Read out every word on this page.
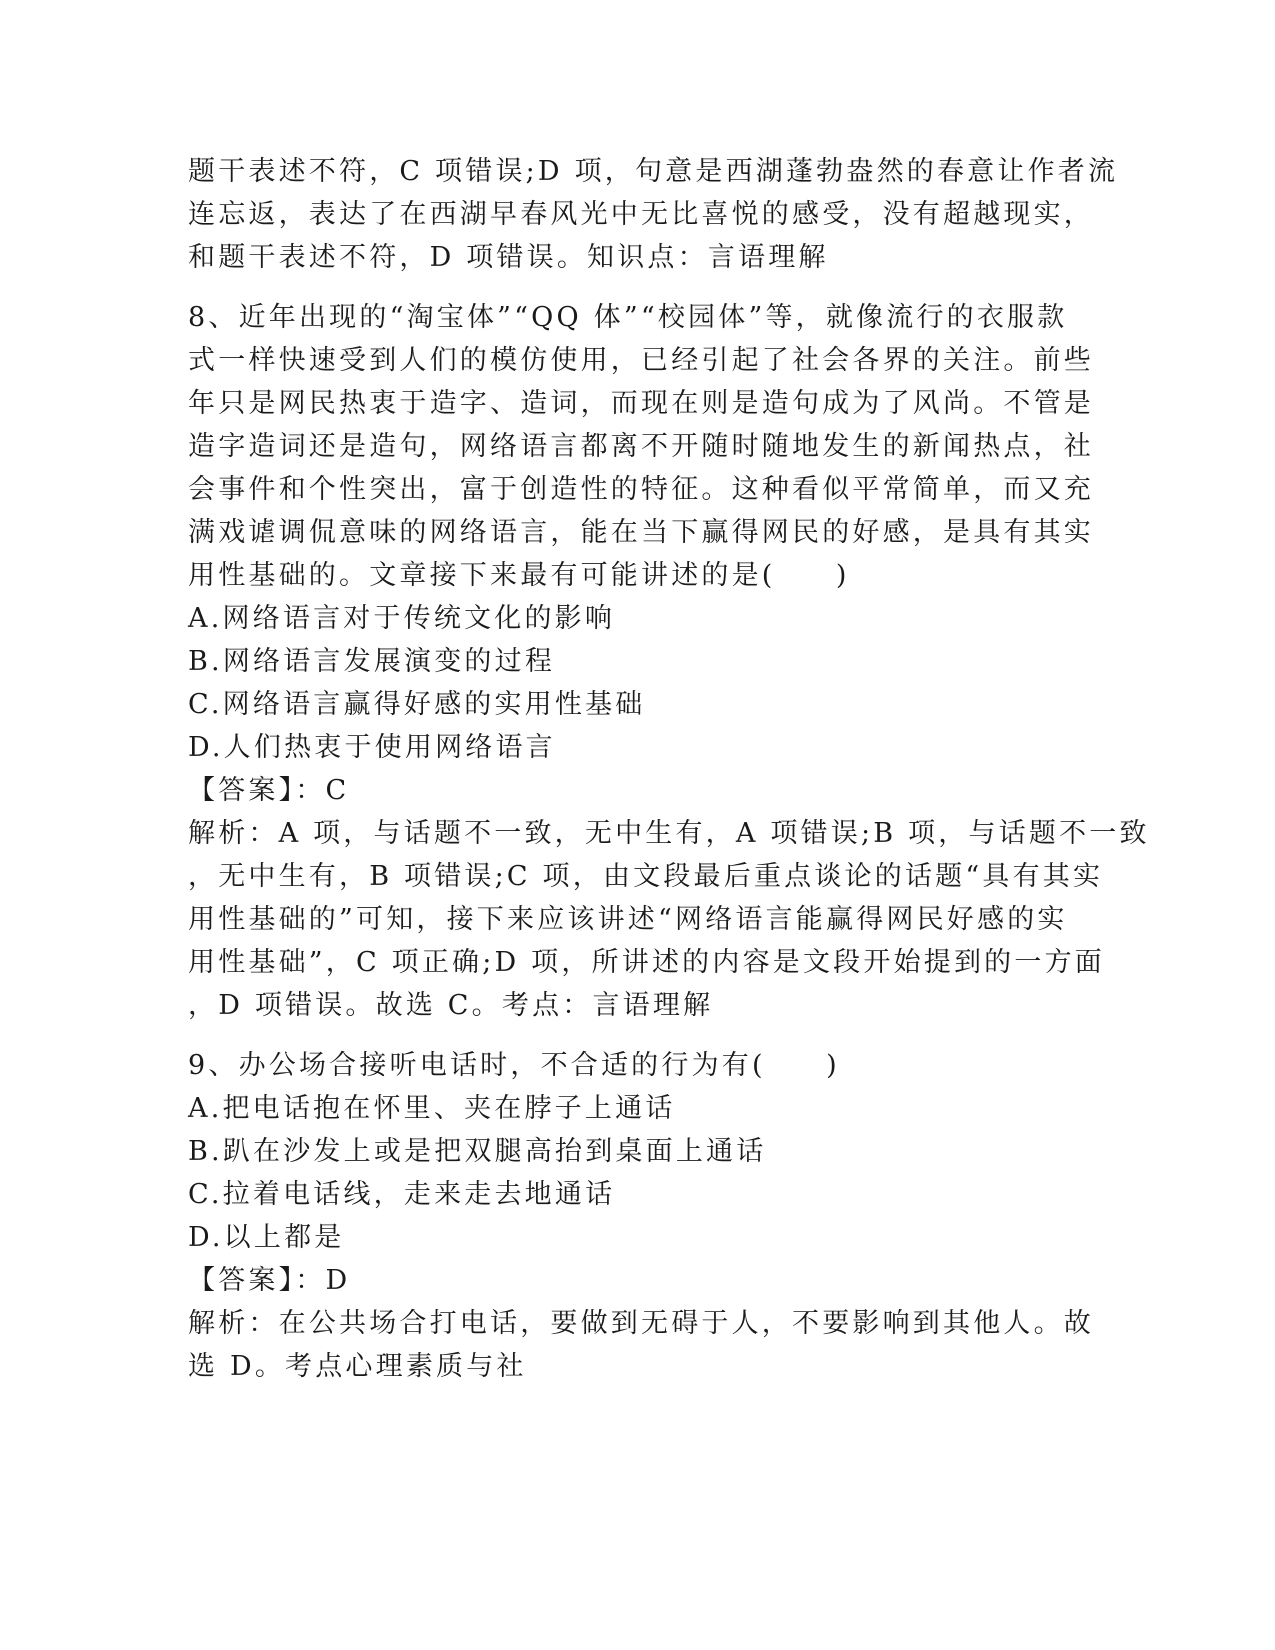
题干表述不符，C 项错误;D 项，句意是西湖蓬勃盎然的春意让作者流
连忘返，表达了在西湖早春风光中无比喜悦的感受，没有超越现实，
和题干表述不符，D 项错误。知识点：言语理解
8、近年出现的“淘宝体”“QQ 体”“校园体”等，就像流行的衣服款
式一样快速受到人们的模仿使用，已经引起了社会各界的关注。前些
年只是网民热衷于造字、造词，而现在则是造句成为了风尚。不管是
造字造词还是造句，网络语言都离不开随时随地发生的新闻热点，社
会事件和个性突出，富于创造性的特征。这种看似平常简单，而又充
满戏谑调侃意味的网络语言，能在当下赢得网民的好感，是具有其实
用性基础的。文章接下来最有可能讲述的是(　　)
A.网络语言对于传统文化的影响
B.网络语言发展演变的过程
C.网络语言赢得好感的实用性基础
D.人们热衷于使用网络语言
【答案】：C
解析：A 项，与话题不一致，无中生有，A 项错误;B 项，与话题不一致
，无中生有，B 项错误;C 项，由文段最后重点谈论的话题“具有其实
用性基础的”可知，接下来应该讲述“网络语言能赢得网民好感的实
用性基础”，C 项正确;D 项，所讲述的内容是文段开始提到的一方面
，D 项错误。故选 C。考点：言语理解
9、办公场合接听电话时，不合适的行为有(　　)
A.把电话抱在怀里、夹在脖子上通话
B.趴在沙发上或是把双腿高抬到桌面上通话
C.拉着电话线，走来走去地通话
D.以上都是
【答案】：D
解析：在公共场合打电话，要做到无碍于人，不要影响到其他人。故
选 D。考点心理素质与社
